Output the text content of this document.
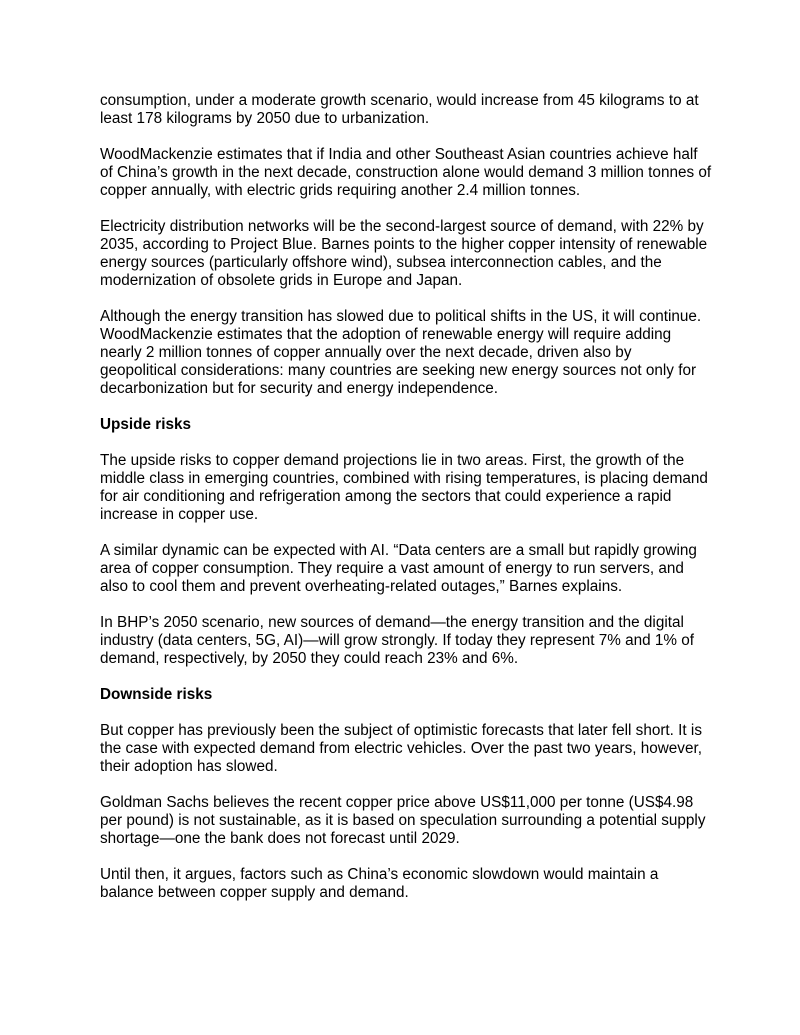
consumption, under a moderate growth scenario, would increase from 45 kilograms to at least 178 kilograms by 2050 due to urbanization.

WoodMackenzie estimates that if India and other Southeast Asian countries achieve half of China’s growth in the next decade, construction alone would demand 3 million tonnes of copper annually, with electric grids requiring another 2.4 million tonnes.

Electricity distribution networks will be the second-largest source of demand, with 22% by 2035, according to Project Blue. Barnes points to the higher copper intensity of renewable energy sources (particularly offshore wind), subsea interconnection cables, and the modernization of obsolete grids in Europe and Japan.

Although the energy transition has slowed due to political shifts in the US, it will continue. WoodMackenzie estimates that the adoption of renewable energy will require adding nearly 2 million tonnes of copper annually over the next decade, driven also by geopolitical considerations: many countries are seeking new energy sources not only for decarbonization but for security and energy independence.

Upside risks

The upside risks to copper demand projections lie in two areas. First, the growth of the middle class in emerging countries, combined with rising temperatures, is placing demand for air conditioning and refrigeration among the sectors that could experience a rapid increase in copper use.

A similar dynamic can be expected with AI. “Data centers are a small but rapidly growing area of copper consumption. They require a vast amount of energy to run servers, and also to cool them and prevent overheating-related outages,” Barnes explains.

In BHP’s 2050 scenario, new sources of demand—the energy transition and the digital industry (data centers, 5G, AI)—will grow strongly. If today they represent 7% and 1% of demand, respectively, by 2050 they could reach 23% and 6%.

Downside risks

But copper has previously been the subject of optimistic forecasts that later fell short. It is the case with expected demand from electric vehicles. Over the past two years, however, their adoption has slowed.

Goldman Sachs believes the recent copper price above US$11,000 per tonne (US$4.98 per pound) is not sustainable, as it is based on speculation surrounding a potential supply shortage—one the bank does not forecast until 2029.

Until then, it argues, factors such as China’s economic slowdown would maintain a balance between copper supply and demand.
